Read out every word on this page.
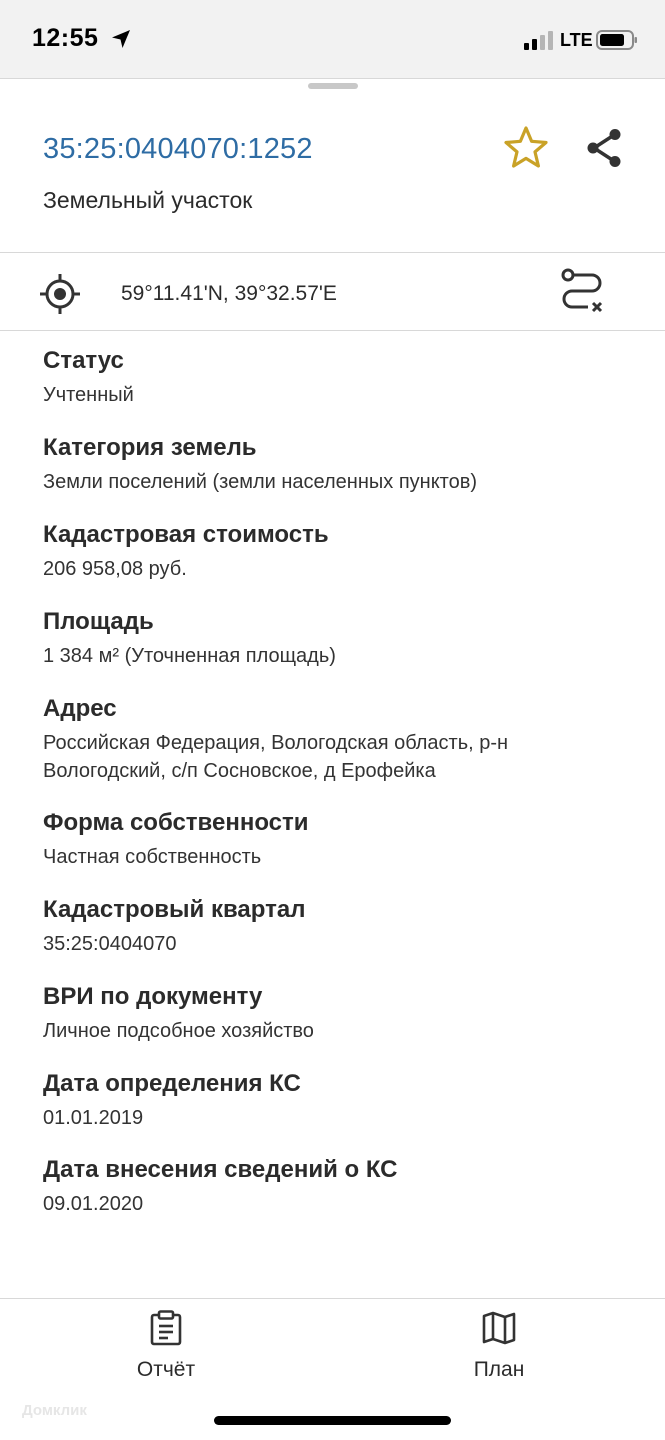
12:55	LTE
35:25:0404070:1252
Земельный участок
59°11.41'N, 39°32.57'E
Статус
Учтенный
Категория земель
Земли поселений (земли населенных пунктов)
Кадастровая стоимость
206 958,08 руб.
Площадь
1 384 м² (Уточненная площадь)
Адрес
Российская Федерация, Вологодская область, р-н Вологодский, с/п Сосновское, д Ерофейка
Форма собственности
Частная собственность
Кадастровый квартал
35:25:0404070
ВРИ по документу
Личное подсобное хозяйство
Дата определения КС
01.01.2019
Дата внесения сведений о КС
09.01.2020
Отчёт	План
Домклик
